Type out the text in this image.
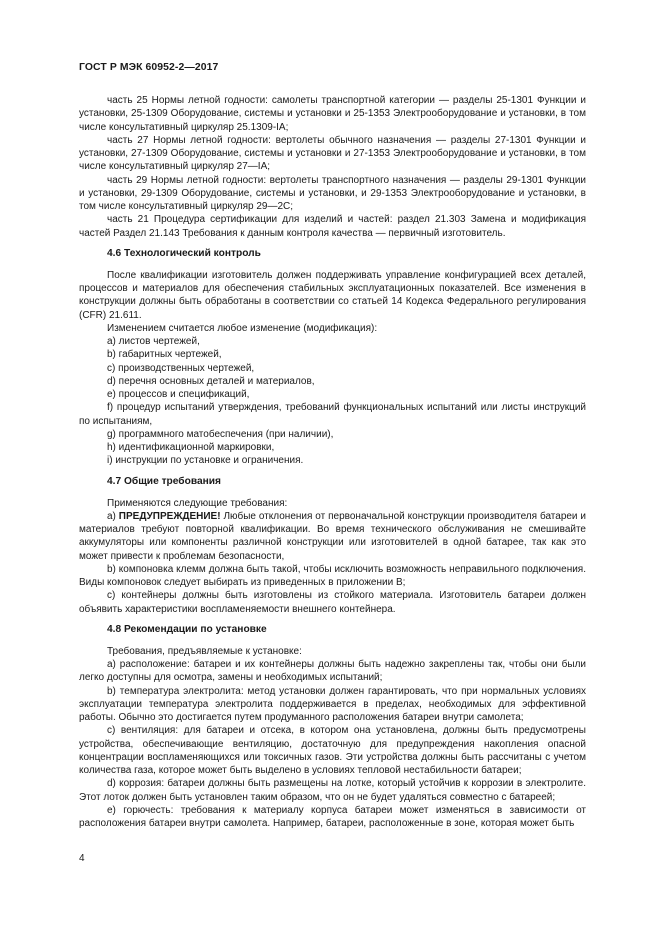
ГОСТ Р МЭК 60952-2—2017

часть 25 Нормы летной годности: самолеты транспортной категории — разделы 25-1301 Функции и установки, 25-1309 Оборудование, системы и установки и 25-1353 Электрооборудование и установки, в том числе консультативный циркуляр 25.1309-IA;

часть 27 Нормы летной годности: вертолеты обычного назначения — разделы 27-1301 Функции и установки, 27-1309 Оборудование, системы и установки и 27-1353 Электрооборудование и установки, в том числе консультативный циркуляр 27—IA;

часть 29 Нормы летной годности: вертолеты транспортного назначения — разделы 29-1301 Функции и установки, 29-1309 Оборудование, системы и установки, и 29-1353 Электрооборудование и установки, в том числе консультативный циркуляр 29—2С;

часть 21 Процедура сертификации для изделий и частей: раздел 21.303 Замена и модификация частей Раздел 21.143 Требования к данным контроля качества — первичный изготовитель.

4.6 Технологический контроль

После квалификации изготовитель должен поддерживать управление конфигурацией всех деталей, процессов и материалов для обеспечения стабильных эксплуатационных показателей. Все изменения в конструкции должны быть обработаны в соответствии со статьей 14 Кодекса Федерального регулирования (CFR) 21.611.

Изменением считается любое изменение (модификация):

а) листов чертежей,

b) габаритных чертежей,

с) производственных чертежей,

d) перечня основных деталей и материалов,

е) процессов и спецификаций,

f) процедур испытаний утверждения, требований функциональных испытаний или листы инструкций по испытаниям,

g) программного матобеспечения (при наличии),

h) идентификационной маркировки,

i) инструкции по установке и ограничения.

4.7 Общие требования

Применяются следующие требования:

а) ПРЕДУПРЕЖДЕНИЕ! Любые отклонения от первоначальной конструкции производителя батареи и материалов требуют повторной квалификации. Во время технического обслуживания не смешивайте аккумуляторы или компоненты различной конструкции или изготовителей в одной батарее, так как это может привести к проблемам безопасности,

b) компоновка клемм должна быть такой, чтобы исключить возможность неправильного подключения. Виды компоновок следует выбирать из приведенных в приложении В;

с) контейнеры должны быть изготовлены из стойкого материала. Изготовитель батареи должен объявить характеристики воспламеняемости внешнего контейнера.

4.8 Рекомендации по установке

Требования, предъявляемые к установке:

а) расположение: батареи и их контейнеры должны быть надежно закреплены так, чтобы они были легко доступны для осмотра, замены и необходимых испытаний;

b) температура электролита: метод установки должен гарантировать, что при нормальных условиях эксплуатации температура электролита поддерживается в пределах, необходимых для эффективной работы. Обычно это достигается путем продуманного расположения батареи внутри самолета;

с) вентиляция: для батареи и отсека, в котором она установлена, должны быть предусмотрены устройства, обеспечивающие вентиляцию, достаточную для предупреждения накопления опасной концентрации воспламеняющихся или токсичных газов. Эти устройства должны быть рассчитаны с учетом количества газа, которое может быть выделено в условиях тепловой нестабильности батареи;

d) коррозия: батареи должны быть размещены на лотке, который устойчив к коррозии в электролите. Этот лоток должен быть установлен таким образом, что он не будет удаляться совместно с батареей;

е) горючесть: требования к материалу корпуса батареи может изменяться в зависимости от расположения батареи внутри самолета. Например, батареи, расположенные в зоне, которая может быть

4
